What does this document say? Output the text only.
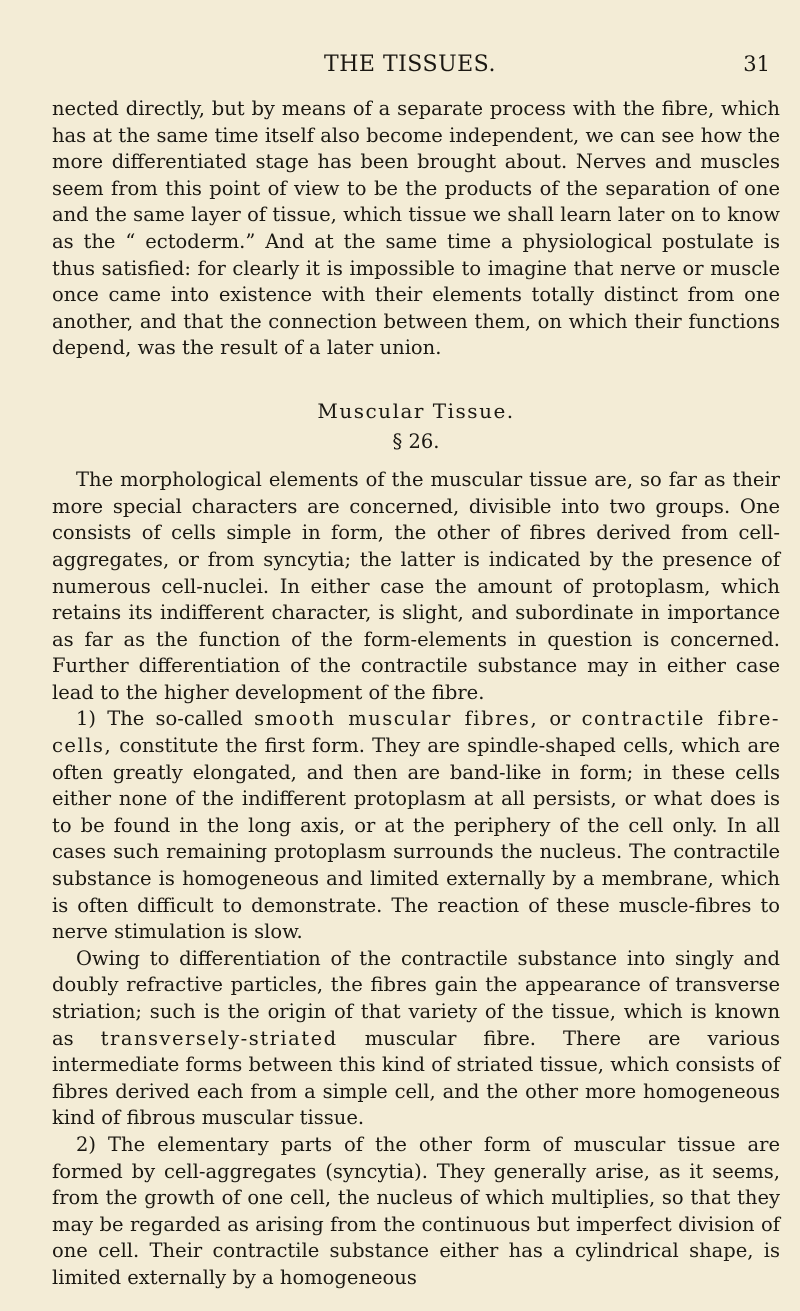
THE TISSUES.	31

nected directly, but by means of a separate process with the fibre, which has at the same time itself also become independent, we can see how the more differentiated stage has been brought about. Nerves and muscles seem from this point of view to be the products of the separation of one and the same layer of tissue, which tissue we shall learn later on to know as the “ ectoderm.” And at the same time a physiological postulate is thus satisfied: for clearly it is impossible to imagine that nerve or muscle once came into existence with their elements totally distinct from one another, and that the connection between them, on which their functions depend, was the result of a later union.

Muscular Tissue.

§ 26.

The morphological elements of the muscular tissue are, so far as their more special characters are concerned, divisible into two groups. One consists of cells simple in form, the other of fibres derived from cell-aggregates, or from syncytia; the latter is indicated by the presence of numerous cell-nuclei. In either case the amount of protoplasm, which retains its indifferent character, is slight, and subordinate in importance as far as the function of the form-elements in question is concerned. Further differentiation of the contractile substance may in either case lead to the higher development of the fibre.

1) The so-called smooth muscular fibres, or contractile fibre-cells, constitute the first form. They are spindle-shaped cells, which are often greatly elongated, and then are band-like in form; in these cells either none of the indifferent protoplasm at all persists, or what does is to be found in the long axis, or at the periphery of the cell only. In all cases such remaining protoplasm surrounds the nucleus. The contractile substance is homogeneous and limited externally by a membrane, which is often difficult to demonstrate. The reaction of these muscle-fibres to nerve stimulation is slow.

Owing to differentiation of the contractile substance into singly and doubly refractive particles, the fibres gain the appearance of transverse striation; such is the origin of that variety of the tissue, which is known as transversely-striated muscular fibre. There are various intermediate forms between this kind of striated tissue, which consists of fibres derived each from a simple cell, and the other more homogeneous kind of fibrous muscular tissue.

2) The elementary parts of the other form of muscular tissue are formed by cell-aggregates (syncytia). They generally arise, as it seems, from the growth of one cell, the nucleus of which multiplies, so that they may be regarded as arising from the continuous but imperfect division of one cell. Their contractile substance either has a cylindrical shape, is limited externally by a homogeneous
